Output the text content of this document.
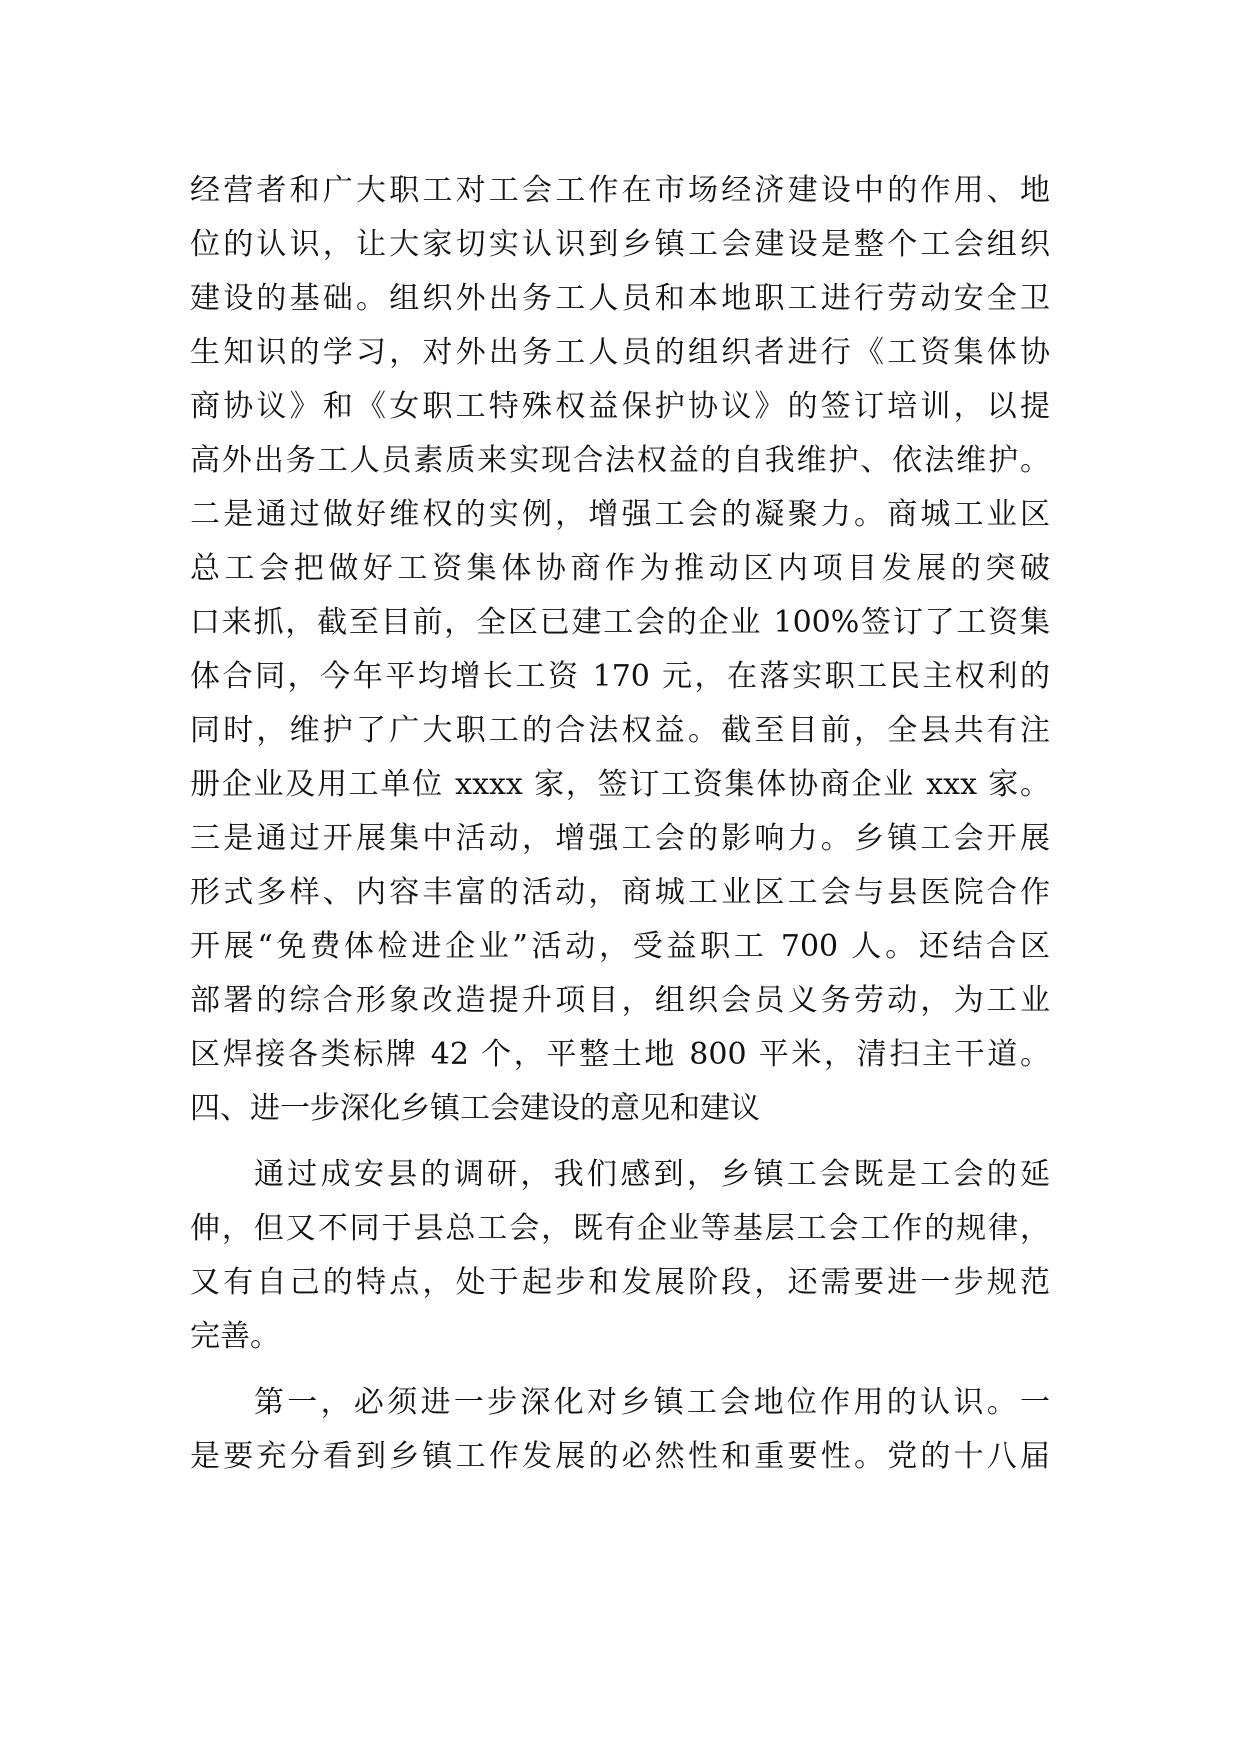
经营者和广大职工对工会工作在市场经济建设中的作用、地
位的认识，让大家切实认识到乡镇工会建设是整个工会组织
建设的基础。组织外出务工人员和本地职工进行劳动安全卫
生知识的学习，对外出务工人员的组织者进行《工资集体协
商协议》和《女职工特殊权益保护协议》的签订培训，以提
高外出务工人员素质来实现合法权益的自我维护、依法维护。
二是通过做好维权的实例，增强工会的凝聚力。商城工业区
总工会把做好工资集体协商作为推动区内项目发展的突破
口来抓，截至目前，全区已建工会的企业 100%签订了工资集
体合同，今年平均增长工资 170 元，在落实职工民主权利的
同时，维护了广大职工的合法权益。截至目前，全县共有注
册企业及用工单位 xxxx 家，签订工资集体协商企业 xxx 家。
三是通过开展集中活动，增强工会的影响力。乡镇工会开展
形式多样、内容丰富的活动，商城工业区工会与县医院合作
开展“免费体检进企业”活动，受益职工 700 人。还结合区
部署的综合形象改造提升项目，组织会员义务劳动，为工业
区焊接各类标牌 42 个，平整土地 800 平米，清扫主干道。
四、进一步深化乡镇工会建设的意见和建议
通过成安县的调研，我们感到，乡镇工会既是工会的延
伸，但又不同于县总工会，既有企业等基层工会工作的规律，
又有自己的特点，处于起步和发展阶段，还需要进一步规范
完善。
第一，必须进一步深化对乡镇工会地位作用的认识。一
是要充分看到乡镇工作发展的必然性和重要性。党的十八届
